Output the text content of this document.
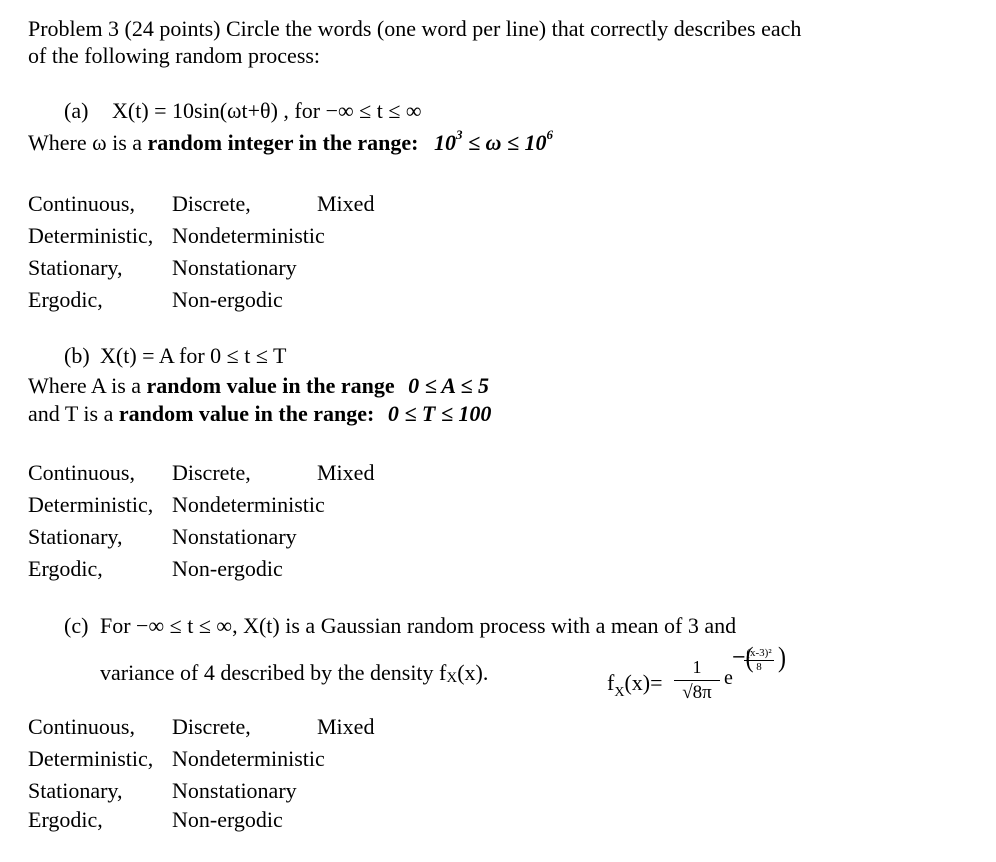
Problem 3 (24 points) Circle the words (one word per line) that correctly describes each
of the following random process:
(a) X(t) = 10sin(ωt+θ) , for −∞ ≤ t ≤ ∞
Where ω is a random integer in the range: $10^3 \le \omega \le 10^6$
Continuous, Discrete,	Mixed
Deterministic, Nondeterministic
Stationary, Nonstationary
Ergodic,	Non-ergodic
(b) X(t) = A for 0 ≤ t ≤ T
Where A is a random value in the range 0 ≤ A ≤ 5
and T is a random value in the range: 0 ≤ T ≤ 100
Continuous, Discrete,	Mixed
Deterministic, Nondeterministic
Stationary, Nonstationary
Ergodic,	Non-ergodic
(c) For −∞ ≤ t ≤ ∞, X(t) is a Gaussian random process with a mean of 3 and
variance of 4 described by the density fX(x).	$f_X(x)=$
1
√8π
e
−(
(x-3)²
8 )
Continuous, Discrete,	Mixed
Deterministic, Nondeterministic
Stationary, Nonstationary
Ergodic,	Non-ergodic
